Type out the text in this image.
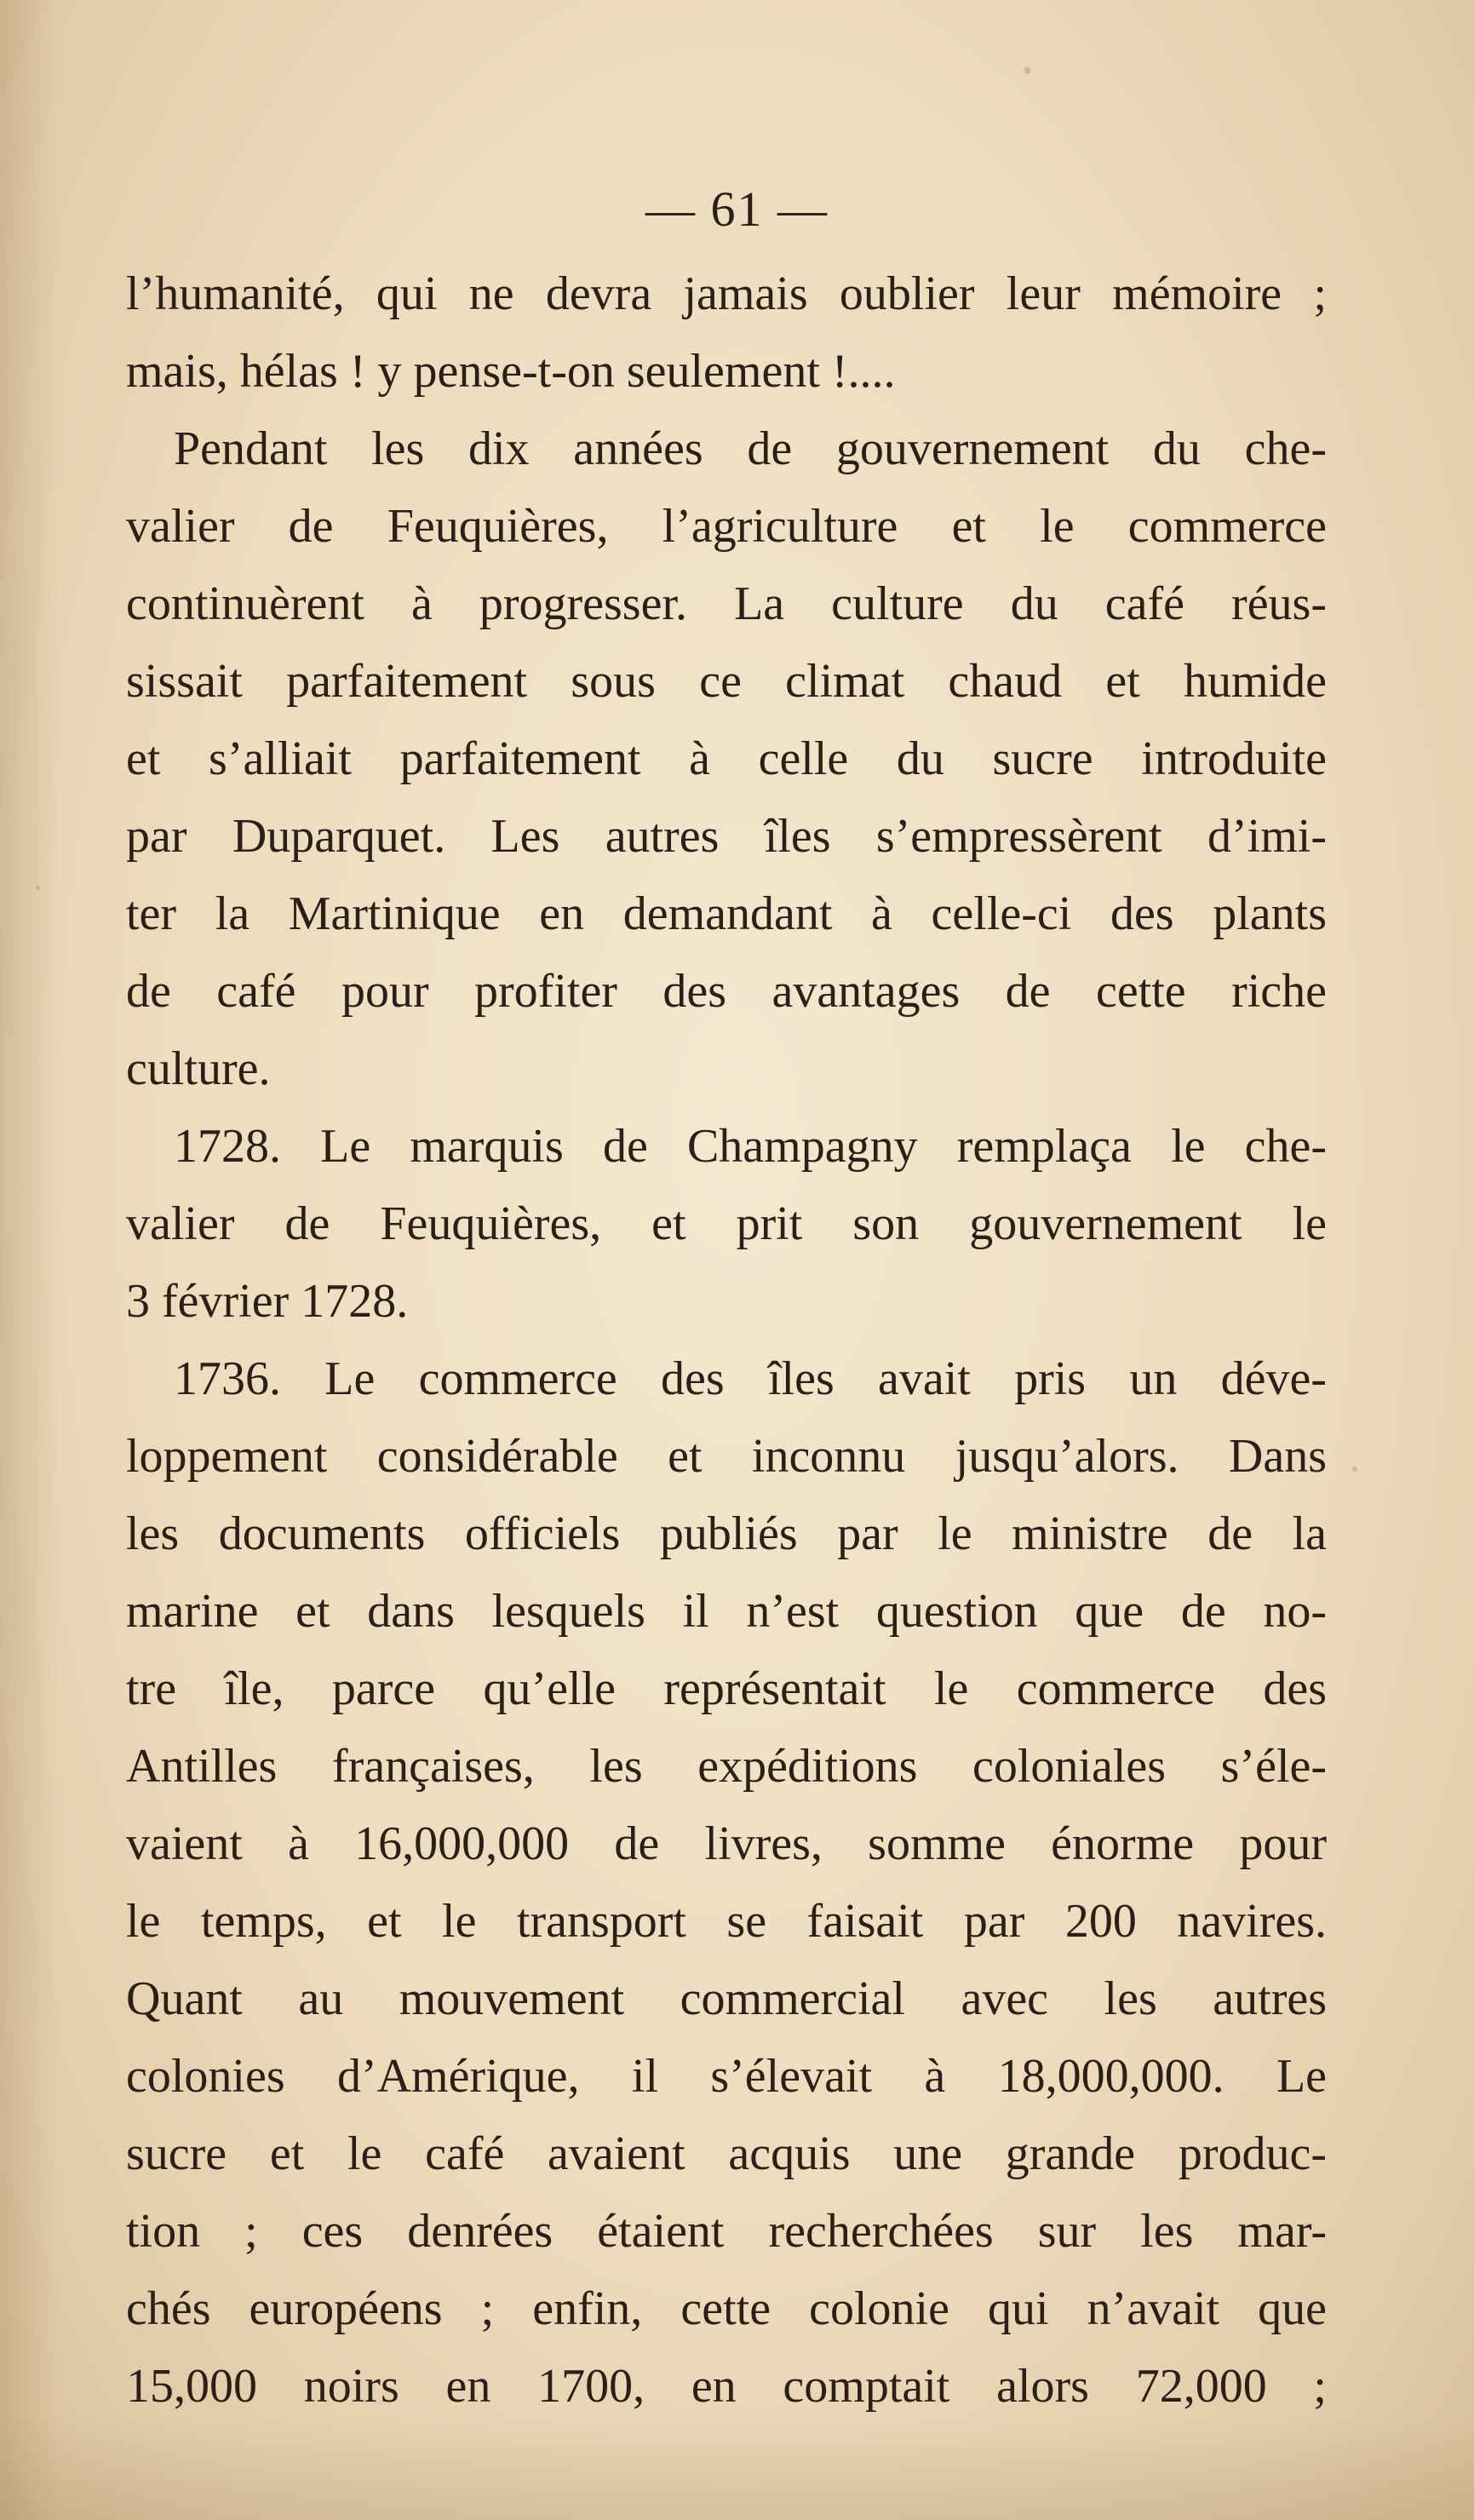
— 61 —
l’humanité, qui ne devra jamais oublier leur mémoire ;
mais, hélas ! y pense-t-on seulement !....
Pendant les dix années de gouvernement du che-
valier de Feuquières, l’agriculture et le commerce
continuèrent à progresser. La culture du café réus-
sissait parfaitement sous ce climat chaud et humide
et s’alliait parfaitement à celle du sucre introduite
par Duparquet. Les autres îles s’empressèrent d’imi-
ter la Martinique en demandant à celle-ci des plants
de café pour profiter des avantages de cette riche
culture.
1728. Le marquis de Champagny remplaça le che-
valier de Feuquières, et prit son gouvernement le
3 février 1728.
1736. Le commerce des îles avait pris un déve-
loppement considérable et inconnu jusqu’alors. Dans
les documents officiels publiés par le ministre de la
marine et dans lesquels il n’est question que de no-
tre île, parce qu’elle représentait le commerce des
Antilles françaises, les expéditions coloniales s’éle-
vaient à 16,000,000 de livres, somme énorme pour
le temps, et le transport se faisait par 200 navires.
Quant au mouvement commercial avec les autres
colonies d’Amérique, il s’élevait à 18,000,000. Le
sucre et le café avaient acquis une grande produc-
tion ; ces denrées étaient recherchées sur les mar-
chés européens ; enfin, cette colonie qui n’avait que
15,000 noirs en 1700, en comptait alors 72,000 ;
